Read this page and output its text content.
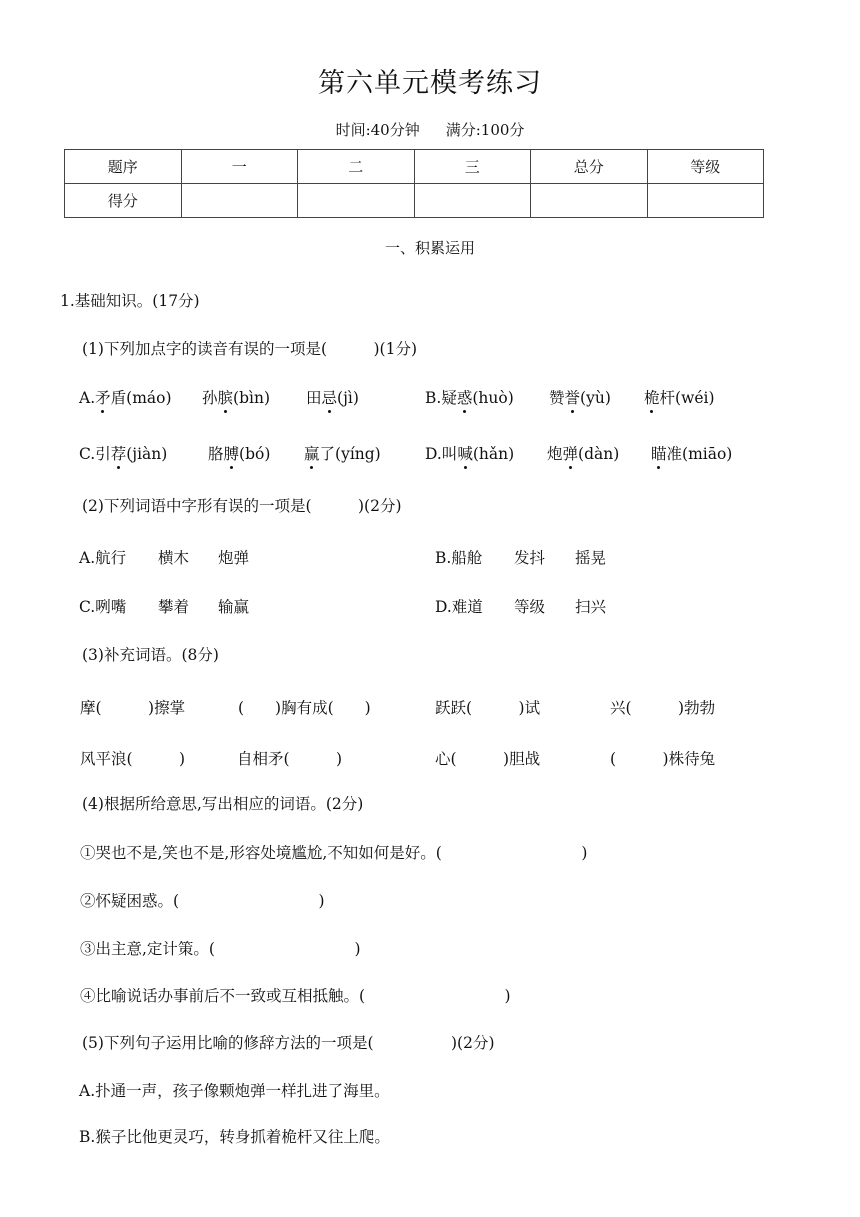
第六单元模考练习
时间:40分钟 满分:100分
题序	一	二	三	总分	等级
得分					
一、积累运用
1.基础知识。(17分)
(1)下列加点字的读音有误的一项是(　　　)(1分)
A.矛盾(máo) 孙膑(bìn) 田忌(jì)	B.疑惑(huò) 赞誉(yù) 桅杆(wéi)
C.引荐(jiàn)	胳膊(bó) 赢了(yíng)	D.叫喊(hǎn) 炮弹(dàn) 瞄准(miāo)
(2)下列词语中字形有误的一项是(　　　)(2分)
A.航行 横木 炮弹	B.船舱 发抖 摇晃
C.咧嘴 攀着 输赢	D.难道 等级 扫兴
(3)补充词语。(8分)
摩(　　　)擦掌	(　　)胸有成(　　)	跃跃(　　　)试	兴(　　　)勃勃
风平浪(　　　)	自相矛(　　　)	心(　　　)胆战	(　　　)株待兔
(4)根据所给意思,写出相应的词语。(2分)
①哭也不是,笑也不是,形容处境尴尬,不知如何是好。(　　　　　　　　　)
②怀疑困惑。(　　　　　　　　　)
③出主意,定计策。(　　　　　　　　　)
④比喻说话办事前后不一致或互相抵触。(　　　　　　　　　)
(5)下列句子运用比喻的修辞方法的一项是(　　　　　)(2分)
A.扑通一声，孩子像颗炮弹一样扎进了海里。
B.猴子比他更灵巧，转身抓着桅杆又往上爬。
